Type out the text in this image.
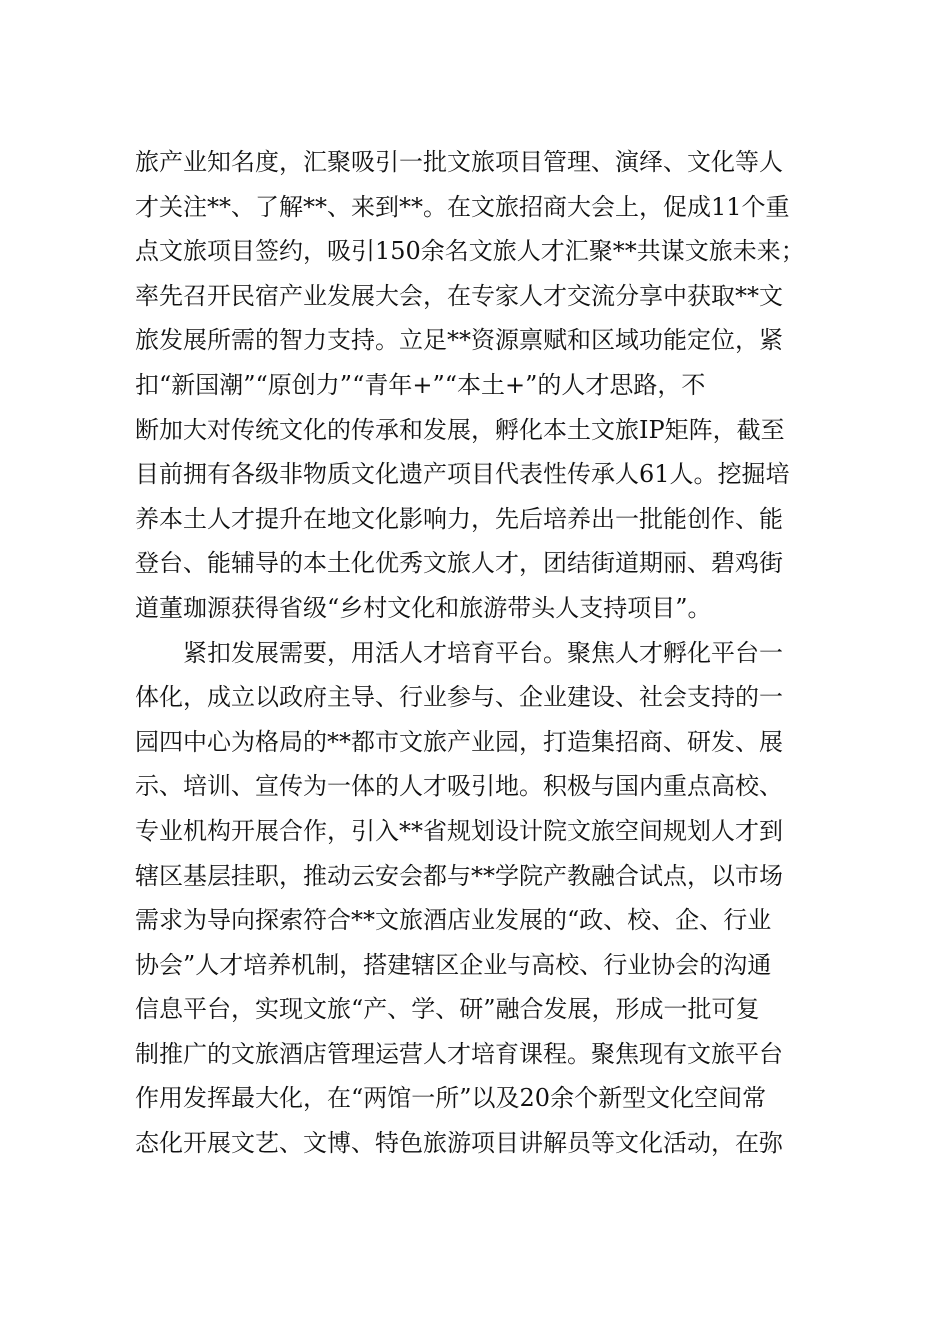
旅产业知名度，汇聚吸引一批文旅项目管理、演绎、文化等人
才关注**、了解**、来到**。在文旅招商大会上，促成11个重
点文旅项目签约，吸引150余名文旅人才汇聚**共谋文旅未来；
率先召开民宿产业发展大会，在专家人才交流分享中获取**文
旅发展所需的智力支持。立足**资源禀赋和区域功能定位，紧
扣“新国潮”“原创力”“青年+”“本土+”的人才思路，不
断加大对传统文化的传承和发展，孵化本土文旅IP矩阵，截至
目前拥有各级非物质文化遗产项目代表性传承人61人。挖掘培
养本土人才提升在地文化影响力，先后培养出一批能创作、能
登台、能辅导的本土化优秀文旅人才，团结街道期丽、碧鸡街
道董珈源获得省级“乡村文化和旅游带头人支持项目”。
紧扣发展需要，用活人才培育平台。聚焦人才孵化平台一
体化，成立以政府主导、行业参与、企业建设、社会支持的一
园四中心为格局的**都市文旅产业园，打造集招商、研发、展
示、培训、宣传为一体的人才吸引地。积极与国内重点高校、
专业机构开展合作，引入**省规划设计院文旅空间规划人才到
辖区基层挂职，推动云安会都与**学院产教融合试点，以市场
需求为导向探索符合**文旅酒店业发展的“政、校、企、行业
协会”人才培养机制，搭建辖区企业与高校、行业协会的沟通
信息平台，实现文旅“产、学、研”融合发展，形成一批可复
制推广的文旅酒店管理运营人才培育课程。聚焦现有文旅平台
作用发挥最大化，在“两馆一所”以及20余个新型文化空间常
态化开展文艺、文博、特色旅游项目讲解员等文化活动，在弥
